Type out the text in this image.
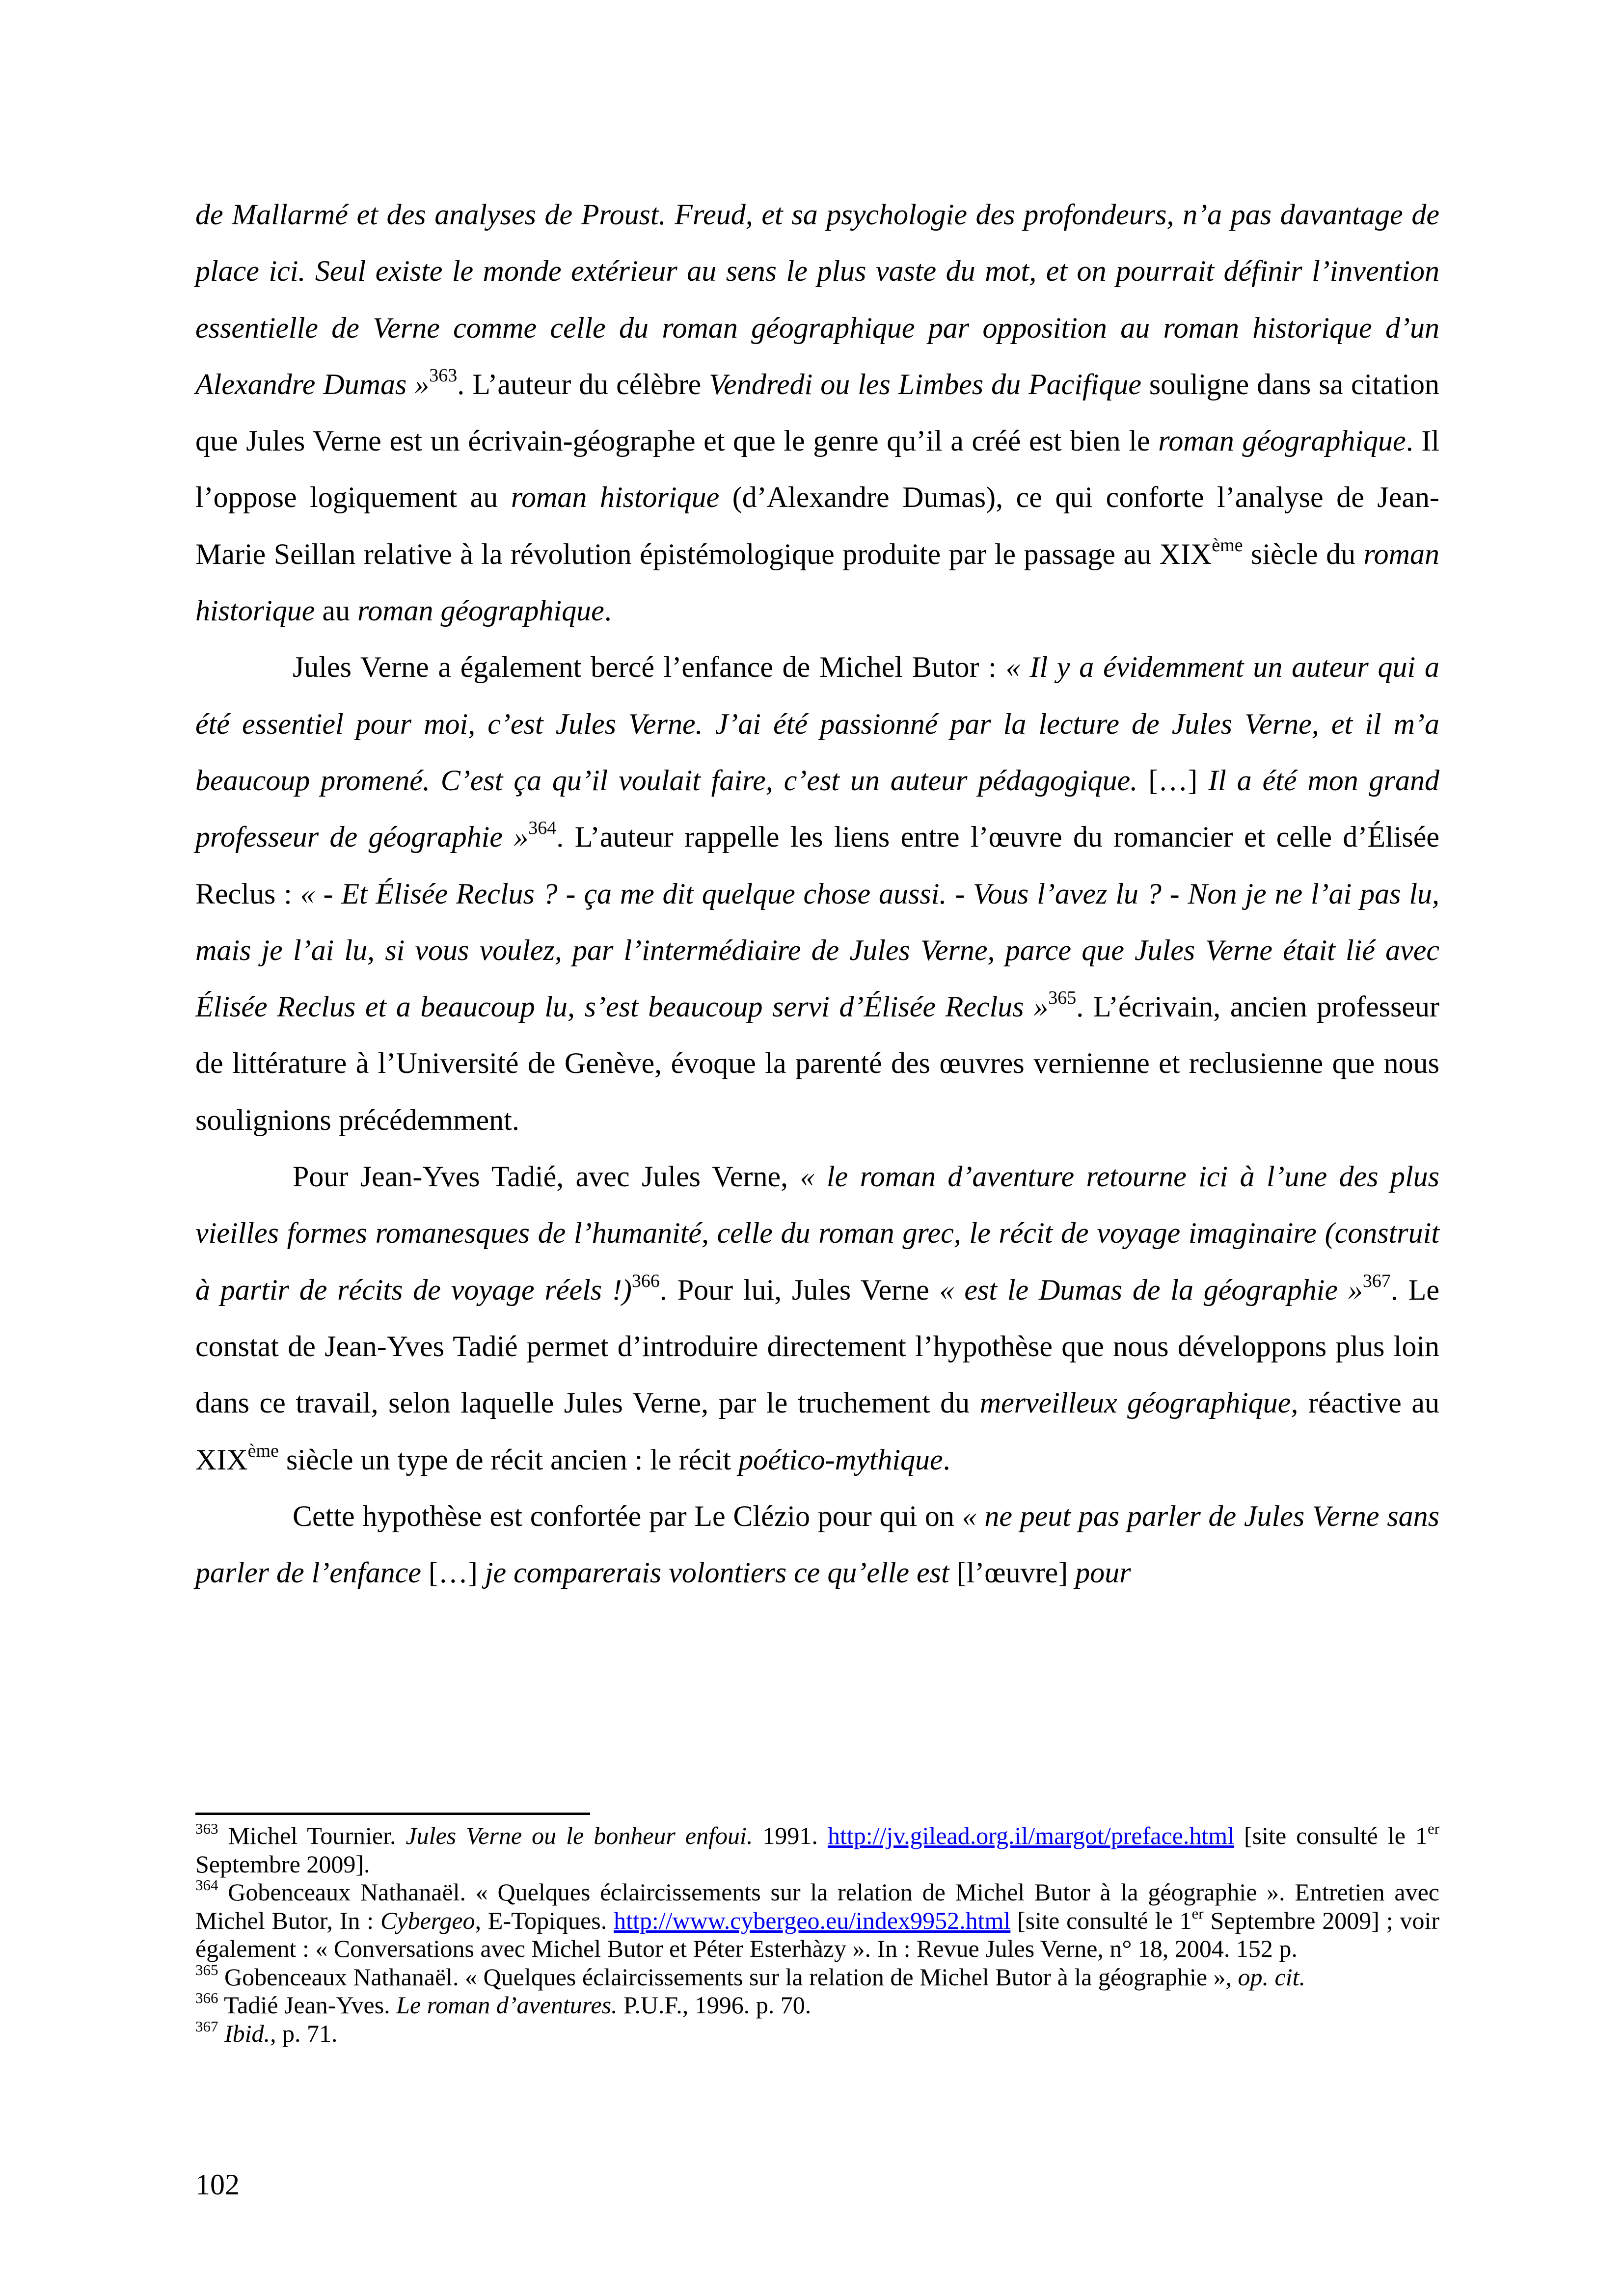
de Mallarmé et des analyses de Proust. Freud, et sa psychologie des profondeurs, n’a pas davantage de place ici. Seul existe le monde extérieur au sens le plus vaste du mot, et on pourrait définir l’invention essentielle de Verne comme celle du roman géographique par opposition au roman historique d’un Alexandre Dumas »$^{363}$. L’auteur du célèbre Vendredi ou les Limbes du Pacifique souligne dans sa citation que Jules Verne est un écrivain-géographe et que le genre qu’il a créé est bien le roman géographique. Il l’oppose logiquement au roman historique (d’Alexandre Dumas), ce qui conforte l’analyse de Jean-Marie Seillan relative à la révolution épistémologique produite par le passage au XIXème siècle du roman historique au roman géographique.

Jules Verne a également bercé l’enfance de Michel Butor : « Il y a évidemment un auteur qui a été essentiel pour moi, c’est Jules Verne. J’ai été passionné par la lecture de Jules Verne, et il m’a beaucoup promené. C’est ça qu’il voulait faire, c’est un auteur pédagogique. […] Il a été mon grand professeur de géographie »$^{364}$. L’auteur rappelle les liens entre l’œuvre du romancier et celle d’Élisée Reclus : « - Et Élisée Reclus ? - ça me dit quelque chose aussi. - Vous l’avez lu ? - Non je ne l’ai pas lu, mais je l’ai lu, si vous voulez, par l’intermédiaire de Jules Verne, parce que Jules Verne était lié avec Élisée Reclus et a beaucoup lu, s’est beaucoup servi d’Élisée Reclus »$^{365}$. L’écrivain, ancien professeur de littérature à l’Université de Genève, évoque la parenté des œuvres vernienne et reclusienne que nous soulignions précédemment.

Pour Jean-Yves Tadié, avec Jules Verne, « le roman d’aventure retourne ici à l’une des plus vieilles formes romanesques de l’humanité, celle du roman grec, le récit de voyage imaginaire (construit à partir de récits de voyage réels !)$^{366}$. Pour lui, Jules Verne « est le Dumas de la géographie »$^{367}$. Le constat de Jean-Yves Tadié permet d’introduire directement l’hypothèse que nous développons plus loin dans ce travail, selon laquelle Jules Verne, par le truchement du merveilleux géographique, réactive au XIXème siècle un type de récit ancien : le récit poético-mythique.

Cette hypothèse est confortée par Le Clézio pour qui on « ne peut pas parler de Jules Verne sans parler de l’enfance […] je comparerais volontiers ce qu’elle est [l’œuvre] pour

$^{363}$ Michel Tournier. Jules Verne ou le bonheur enfoui. 1991. http://jv.gilead.org.il/margot/preface.html [site consulté le 1er Septembre 2009].

$^{364}$ Gobenceaux Nathanaël. « Quelques éclaircissements sur la relation de Michel Butor à la géographie ». Entretien avec Michel Butor, In : Cybergeo, E-Topiques. http://www.cybergeo.eu/index9952.html [site consulté le 1er Septembre 2009] ; voir également : « Conversations avec Michel Butor et Péter Esterhàzy ». In : Revue Jules Verne, n° 18, 2004. 152 p.

$^{365}$ Gobenceaux Nathanaël. « Quelques éclaircissements sur la relation de Michel Butor à la géographie », op. cit.

$^{366}$ Tadié Jean-Yves. Le roman d’aventures. P.U.F., 1996. p. 70.

$^{367}$ Ibid., p. 71.

102
